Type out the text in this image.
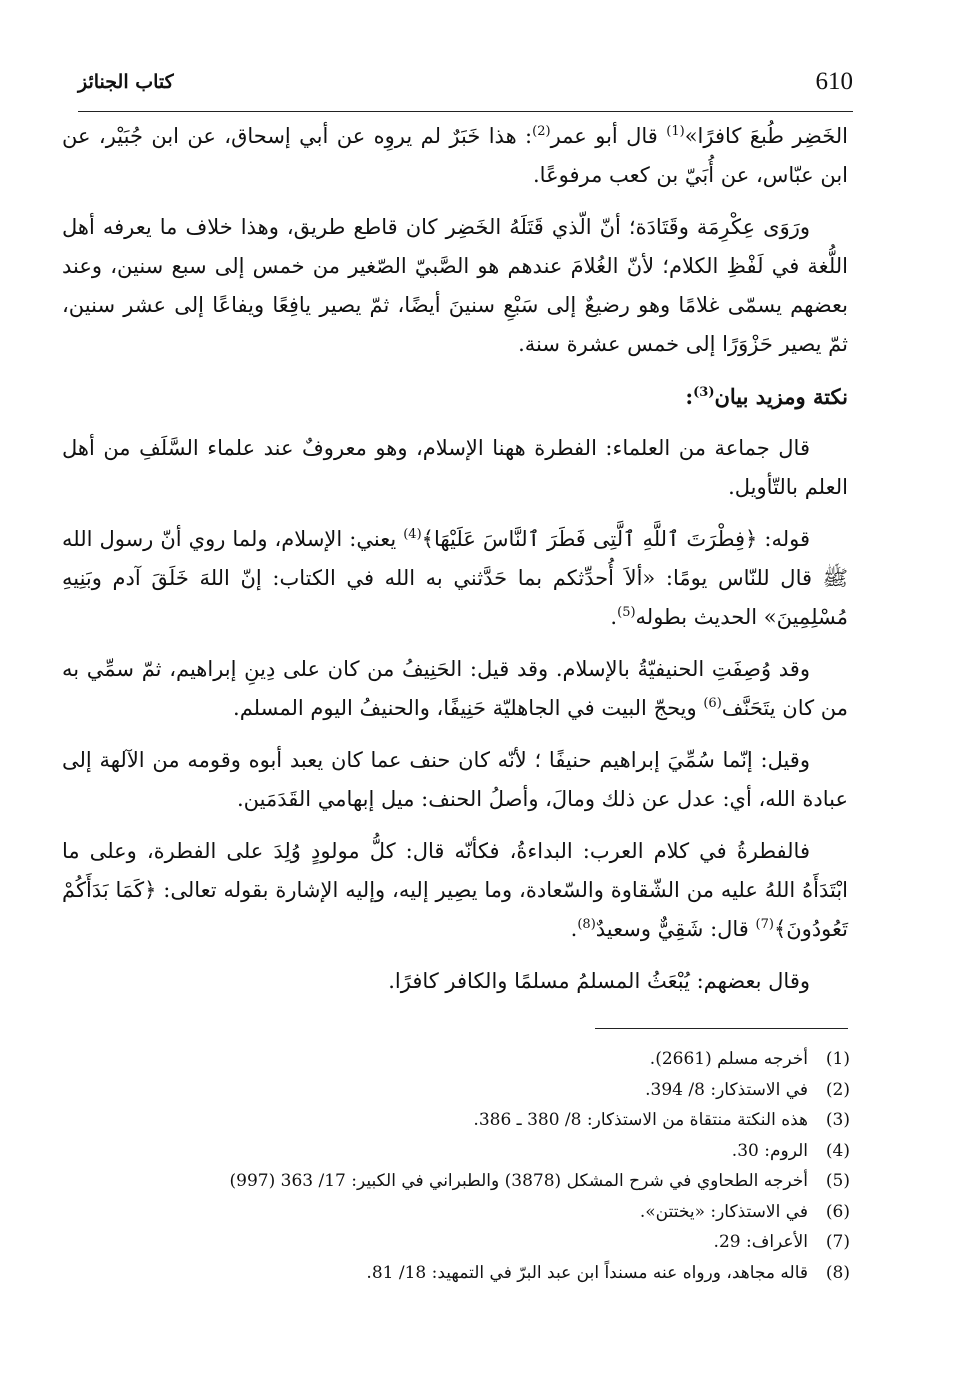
610
كتاب الجنائز

الخَضِر طُبعَ كافرًا»$^{(1)}$ قال أبو عمر$^{(2)}$: هذا خَبَرٌ لم يروِه عن أبي إسحاق، عن ابن جُبَيْر، عن ابن عبّاس، عن أُبَيّ بن كعب مرفوعًا.

ورَوَى عِكْرِمَة وقَتَادَة؛ أنّ الّذي قَتَلَهُ الخَضِر كان قاطع طريق، وهذا خلاف ما يعرفه أهل اللُّغة في لَفْظِ الكلام؛ لأنّ الغُلامَ عندهم هو الصَّبيّ الصّغير من خمس إلى سبع سنين، وعند بعضهم يسمّى غلامًا وهو رضيعٌ إلى سَبْعِ سنينَ أيضًا، ثمّ يصير يافِعًا ويفاعًا إلى عشر سنين، ثمّ يصير حَزْوَرًا إلى خمس عشرة سنة.

نكتة ومزيد بيان$^{(3)}$:

قال جماعة من العلماء: الفطرة ههنا الإسلام، وهو معروفٌ عند علماء السَّلَفِ من أهل العلم بالتّأويل.

قوله: ﴿فِطْرَتَ ٱللَّهِ ٱلَّتِى فَطَرَ ٱلنَّاسَ عَلَيْهَا﴾$^{(4)}$ يعني: الإسلام، ولما روي أنّ رسول الله ﷺ قال للنّاس يومًا: «ألاَ أُحدِّثكم بما حَدَّثني به الله في الكتاب: إنّ اللهَ خَلَقَ آدم وبَنِيهِ مُسْلِمِينَ» الحديث بطوله$^{(5)}$.

وقد وُصِفَتِ الحنيفيّةُ بالإسلام. وقد قيل: الحَنِيفُ من كان على دِينِ إبراهيم، ثمّ سمِّي به من كان يتَحَنَّف$^{(6)}$ ويحجّ البيت في الجاهليّة حَنِيفًا، والحنيفُ اليوم المسلم.

وقيل: إنّما سُمِّيَ إبراهيم حنيفًا ؛ لأنّه كان حنف عما كان يعبد أبوه وقومه من الآلهة إلى عبادة الله، أي: عدل عن ذلك ومالَ، وأصلُ الحنف: ميل إبهامي القَدَمَين.

فالفطرةُ في كلام العرب: البداءةُ، فكأنّه قال: كلُّ مولودٍ وُلِدَ على الفطرة، وعلى ما ابْتَدَأَهُ اللهُ عليه من الشّقاوة والسّعادة، وما يصِير إليه، وإليه الإشارة بقوله تعالى: ﴿كَمَا بَدَأَكُمْ تَعُودُونَ﴾$^{(7)}$ قال: شَقِيٌّ وسعيدٌ$^{(8)}$.

وقال بعضهم: يُبْعَثُ المسلمُ مسلمًا والكافر كافرًا.

(1)أخرجه مسلم (2661).
(2)في الاستذكار: 8/ 394.
(3)هذه النكتة منتقاة من الاستذكار: 8/ 380 ـ 386.
(4)الروم: 30.
(5)أخرجه الطحاوي في شرح المشكل (3878) والطبراني في الكبير: 17/ 363 (997)
(6)في الاستذكار: «يختتن».
(7)الأعراف: 29.
(8)قاله مجاهد، ورواه عنه مسنداً ابن عبد البرّ في التمهيد: 18/ 81.
